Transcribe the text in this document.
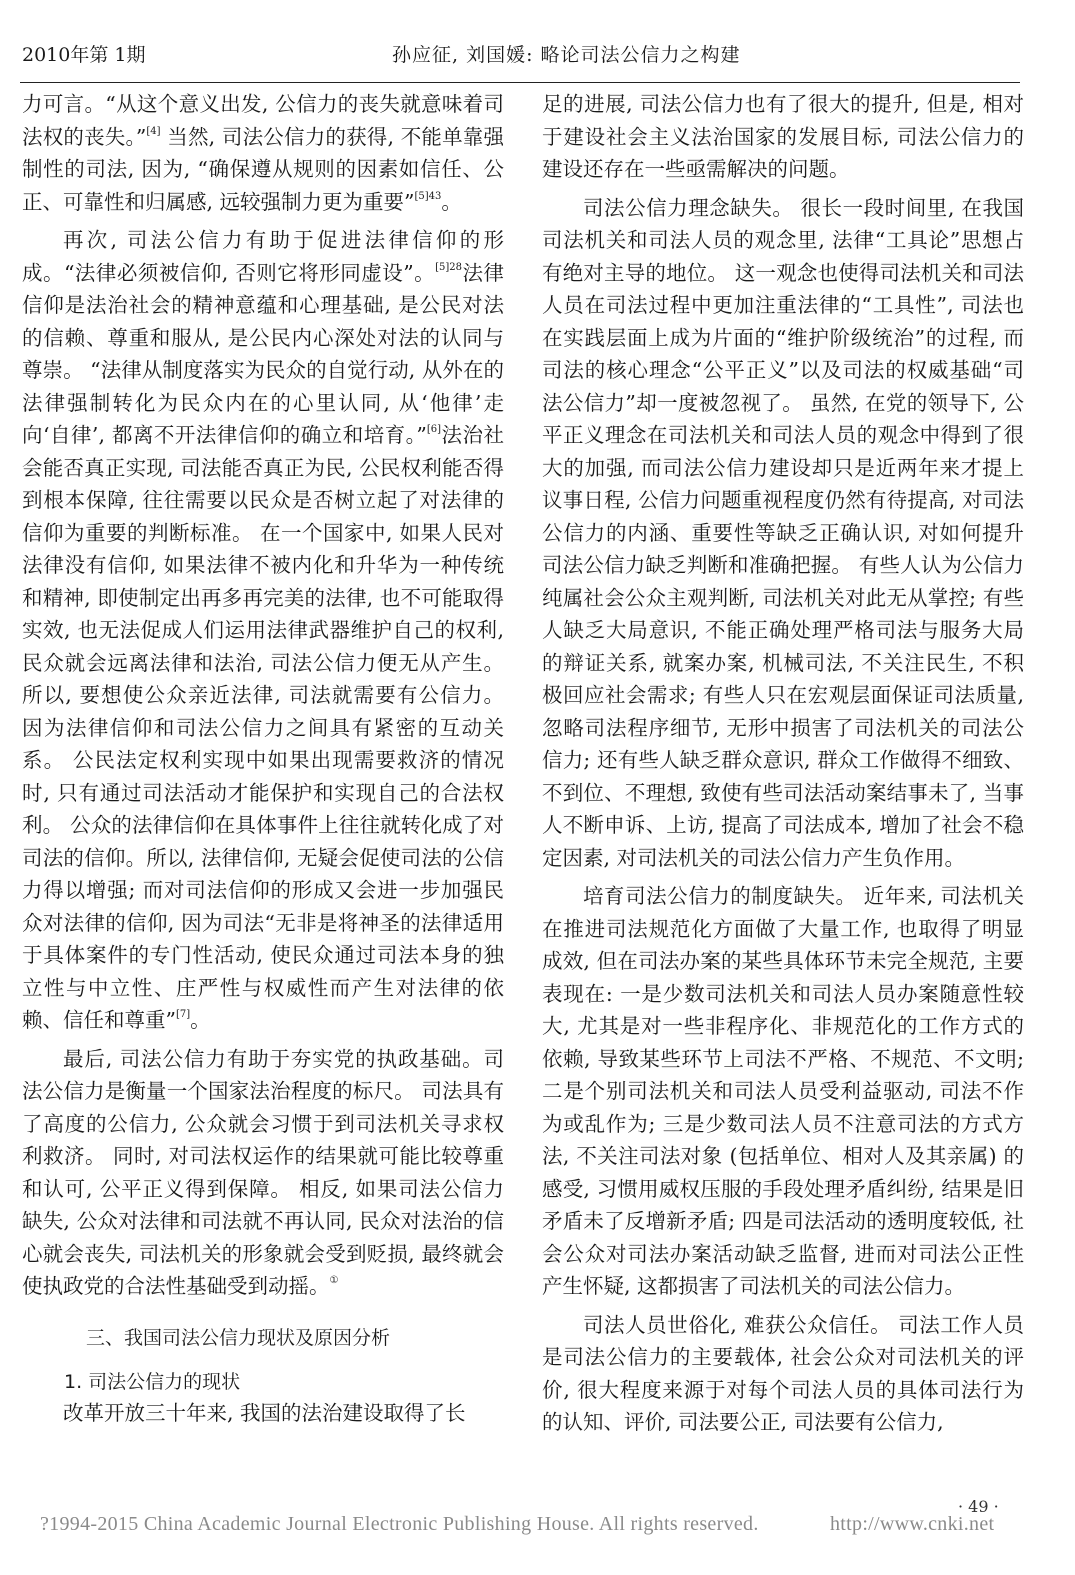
2010年第 1期	孙应征, 刘国媛: 略论司法公信力之构建

力可言。“从这个意义出发, 公信力的丧失就意味着司法权的丧失。”[4] 当然, 司法公信力的获得, 不能单靠强制性的司法, 因为, “确保遵从规则的因素如信任、公正、可靠性和归属感, 远较强制力更为重要”$^{[5]43}$。

再次, 司法公信力有助于促进法律信仰的形成。“法律必须被信仰, 否则它将形同虚设”。$^{[5]28}$法律信仰是法治社会的精神意蕴和心理基础, 是公民对法的信赖、尊重和服从, 是公民内心深处对法的认同与尊崇。 “法律从制度落实为民众的自觉行动, 从外在的法律强制转化为民众内在的心里认同, 从‘他律’走向‘自律’, 都离不开法律信仰的确立和培育。”[6]法治社会能否真正实现, 司法能否真正为民, 公民权利能否得到根本保障, 往往需要以民众是否树立起了对法律的信仰为重要的判断标准。 在一个国家中, 如果人民对法律没有信仰, 如果法律不被内化和升华为一种传统和精神, 即使制定出再多再完美的法律, 也不可能取得实效, 也无法促成人们运用法律武器维护自己的权利, 民众就会远离法律和法治, 司法公信力便无从产生。 所以, 要想使公众亲近法律, 司法就需要有公信力。 因为法律信仰和司法公信力之间具有紧密的互动关系。 公民法定权利实现中如果出现需要救济的情况时, 只有通过司法活动才能保护和实现自己的合法权利。 公众的法律信仰在具体事件上往往就转化成了对司法的信仰。所以, 法律信仰, 无疑会促使司法的公信力得以增强; 而对司法信仰的形成又会进一步加强民众对法律的信仰, 因为司法“无非是将神圣的法律适用于具体案件的专门性活动, 使民众通过司法本身的独立性与中立性、庄严性与权威性而产生对法律的依赖、信任和尊重”[7]。

最后, 司法公信力有助于夯实党的执政基础。司法公信力是衡量一个国家法治程度的标尺。 司法具有了高度的公信力, 公众就会习惯于到司法机关寻求权利救济。 同时, 对司法权运作的结果就可能比较尊重和认可, 公平正义得到保障。 相反, 如果司法公信力缺失, 公众对法律和司法就不再认同, 民众对法治的信心就会丧失, 司法机关的形象就会受到贬损, 最终就会使执政党的合法性基础受到动摇。①

三、我国司法公信力现状及原因分析
1. 司法公信力的现状

改革开放三十年来, 我国的法治建设取得了长

足的进展, 司法公信力也有了很大的提升, 但是, 相对于建设社会主义法治国家的发展目标, 司法公信力的建设还存在一些亟需解决的问题。

司法公信力理念缺失。 很长一段时间里, 在我国司法机关和司法人员的观念里, 法律“工具论”思想占有绝对主导的地位。 这一观念也使得司法机关和司法人员在司法过程中更加注重法律的“工具性”, 司法也在实践层面上成为片面的“维护阶级统治”的过程, 而司法的核心理念“公平正义”以及司法的权威基础“司法公信力”却一度被忽视了。 虽然, 在党的领导下, 公平正义理念在司法机关和司法人员的观念中得到了很大的加强, 而司法公信力建设却只是近两年来才提上议事日程, 公信力问题重视程度仍然有待提高, 对司法公信力的内涵、重要性等缺乏正确认识, 对如何提升司法公信力缺乏判断和准确把握。 有些人认为公信力纯属社会公众主观判断, 司法机关对此无从掌控; 有些人缺乏大局意识, 不能正确处理严格司法与服务大局的辩证关系, 就案办案, 机械司法, 不关注民生, 不积极回应社会需求; 有些人只在宏观层面保证司法质量, 忽略司法程序细节, 无形中损害了司法机关的司法公信力; 还有些人缺乏群众意识, 群众工作做得不细致、不到位、不理想, 致使有些司法活动案结事未了, 当事人不断申诉、上访, 提高了司法成本, 增加了社会不稳定因素, 对司法机关的司法公信力产生负作用。

培育司法公信力的制度缺失。 近年来, 司法机关在推进司法规范化方面做了大量工作, 也取得了明显成效, 但在司法办案的某些具体环节未完全规范, 主要表现在: 一是少数司法机关和司法人员办案随意性较大, 尤其是对一些非程序化、非规范化的工作方式的依赖, 导致某些环节上司法不严格、不规范、不文明; 二是个别司法机关和司法人员受利益驱动, 司法不作为或乱作为; 三是少数司法人员不注意司法的方式方法, 不关注司法对象 (包括单位、相对人及其亲属) 的感受, 习惯用威权压服的手段处理矛盾纠纷, 结果是旧矛盾未了反增新矛盾; 四是司法活动的透明度较低, 社会公众对司法办案活动缺乏监督, 进而对司法公正性产生怀疑, 这都损害了司法机关的司法公信力。

司法人员世俗化, 难获公众信任。 司法工作人员是司法公信力的主要载体, 社会公众对司法机关的评价, 很大程度来源于对每个司法人员的具体司法行为的认知、评价, 司法要公正, 司法要有公信力,

· 49 ·
?1994-2015 China Academic Journal Electronic Publishing House. All rights reserved.	http://www.cnki.net
